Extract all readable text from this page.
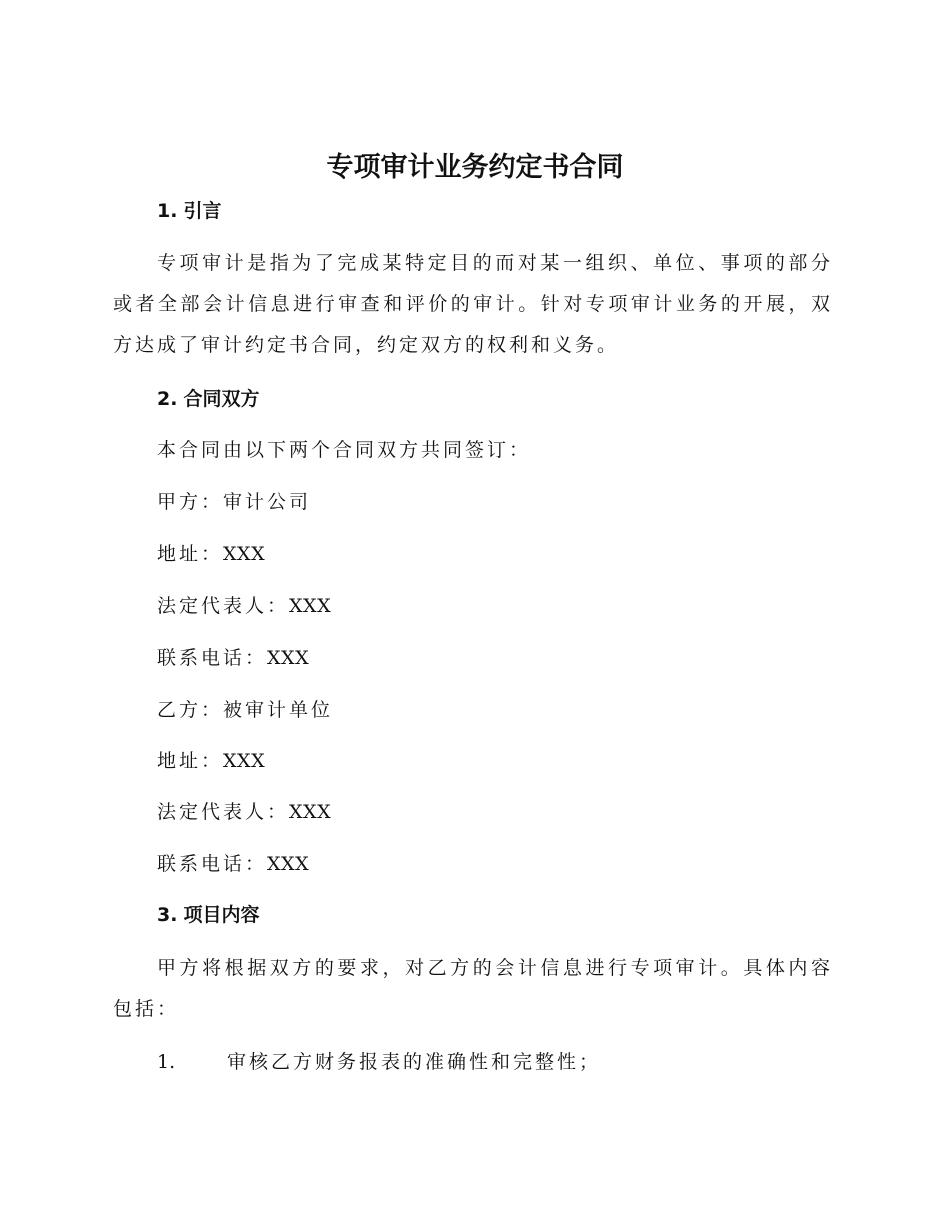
专项审计业务约定书合同
1. 引言
专项审计是指为了完成某特定目的而对某一组织、单位、事项的部分或者全部会计信息进行审查和评价的审计。针对专项审计业务的开展，双方达成了审计约定书合同，约定双方的权利和义务。
2. 合同双方
本合同由以下两个合同双方共同签订：
甲方：审计公司
地址：XXX
法定代表人：XXX
联系电话：XXX
乙方：被审计单位
地址：XXX
法定代表人：XXX
联系电话：XXX
3. 项目内容
甲方将根据双方的要求，对乙方的会计信息进行专项审计。具体内容包括：
1.	审核乙方财务报表的准确性和完整性；
